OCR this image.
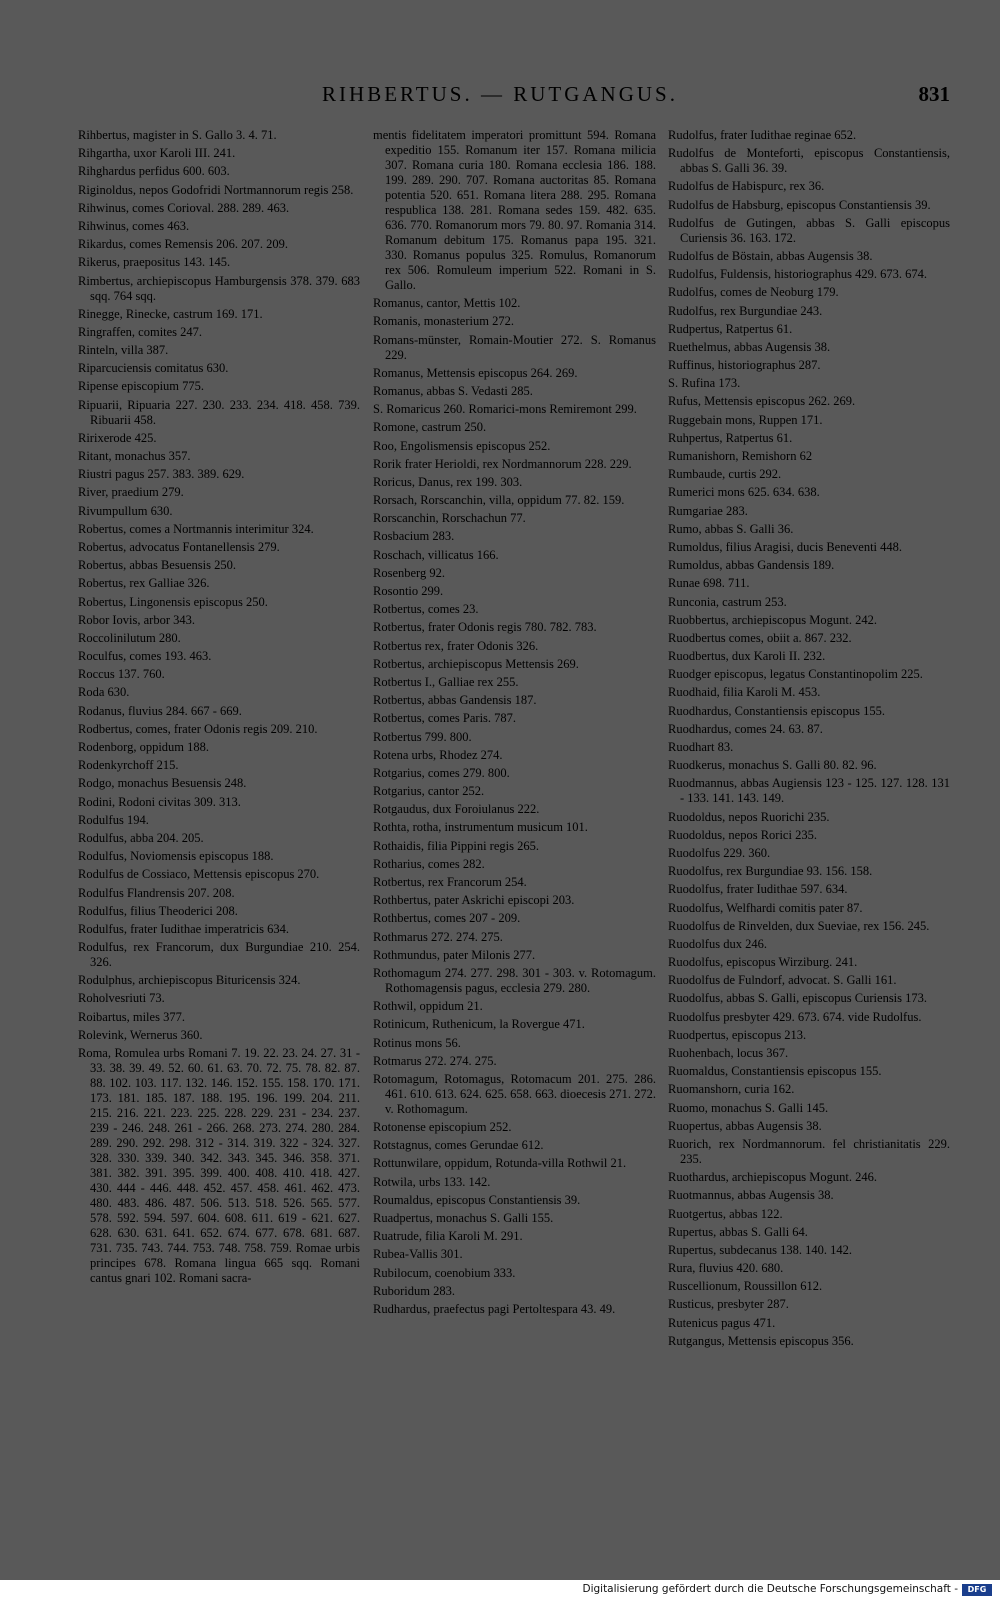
RIHBERTUS. — RUTGANGUS.	831

Rihbertus, magister in S. Gallo 3. 4. 71.

Rihgartha, uxor Karoli III. 241.

Rihghardus perfidus 600. 603.

Riginoldus, nepos Godofridi Nortmannorum regis 258.

Rihwinus, comes Corioval. 288. 289. 463.

Rihwinus, comes 463.

Rikardus, comes Remensis 206. 207. 209.

Rikerus, praepositus 143. 145.

Rimbertus, archiepiscopus Hamburgensis 378. 379. 683 sqq. 764 sqq.

Rinegge, Rinecke, castrum 169. 171.

Ringraffen, comites 247.

Rinteln, villa 387.

Riparcuciensis comitatus 630.

Ripense episcopium 775.

Ripuarii, Ripuaria 227. 230. 233. 234. 418. 458. 739. Ribuarii 458.

Ririxerode 425.

Ritant, monachus 357.

Riustri pagus 257. 383. 389. 629.

River, praedium 279.

Rivumpullum 630.

Robertus, comes a Nortmannis interimitur 324.

Robertus, advocatus Fontanellensis 279.

Robertus, abbas Besuensis 250.

Robertus, rex Galliae 326.

Robertus, Lingonensis episcopus 250.

Robor Iovis, arbor 343.

Roccolinilutum 280.

Roculfus, comes 193. 463.

Roccus 137. 760.

Roda 630.

Rodanus, fluvius 284. 667 - 669.

Rodbertus, comes, frater Odonis regis 209. 210.

Rodenborg, oppidum 188.

Rodenkyrchoff 215.

Rodgo, monachus Besuensis 248.

Rodini, Rodoni civitas 309. 313.

Rodulfus 194.

Rodulfus, abba 204. 205.

Rodulfus, Noviomensis episcopus 188.

Rodulfus de Cossiaco, Mettensis episcopus 270.

Rodulfus Flandrensis 207. 208.

Rodulfus, filius Theoderici 208.

Rodulfus, frater Iudithae imperatricis 634.

Rodulfus, rex Francorum, dux Burgundiae 210. 254. 326.

Rodulphus, archiepiscopus Bituricensis 324.

Roholvesriuti 73.

Roibartus, miles 377.

Rolevink, Wernerus 360.

Roma, Romulea urbs Romani 7. 19. 22. 23. 24. 27. 31 - 33. 38. 39. 49. 52. 60. 61. 63. 70. 72. 75. 78. 82. 87. 88. 102. 103. 117. 132. 146. 152. 155. 158. 170. 171. 173. 181. 185. 187. 188. 195. 196. 199. 204. 211. 215. 216. 221. 223. 225. 228. 229. 231 - 234. 237. 239 - 246. 248. 261 - 266. 268. 273. 274. 280. 284. 289. 290. 292. 298. 312 - 314. 319. 322 - 324. 327. 328. 330. 339. 340. 342. 343. 345. 346. 358. 371. 381. 382. 391. 395. 399. 400. 408. 410. 418. 427. 430. 444 - 446. 448. 452. 457. 458. 461. 462. 473. 480. 483. 486. 487. 506. 513. 518. 526. 565. 577. 578. 592. 594. 597. 604. 608. 611. 619 - 621. 627. 628. 630. 631. 641. 652. 674. 677. 678. 681. 687. 731. 735. 743. 744. 753. 748. 758. 759. Romae urbis principes 678. Romana lingua 665 sqq. Romani cantus gnari 102. Romani sacra-

mentis fidelitatem imperatori promittunt 594. Romana expeditio 155. Romanum iter 157. Romana milicia 307. Romana curia 180. Romana ecclesia 186. 188. 199. 289. 290. 707. Romana auctoritas 85. Romana potentia 520. 651. Romana litera 288. 295. Romana respublica 138. 281. Romana sedes 159. 482. 635. 636. 770. Romanorum mors 79. 80. 97. Romania 314. Romanum debitum 175. Romanus papa 195. 321. 330. Romanus populus 325. Romulus, Romanorum rex 506. Romuleum imperium 522. Romani in S. Gallo.

Romanus, cantor, Mettis 102.

Romanis, monasterium 272.

Romans-münster, Romain-Moutier 272. S. Romanus 229.

Romanus, Mettensis episcopus 264. 269.

Romanus, abbas S. Vedasti 285.

S. Romaricus 260. Romarici-mons Remiremont 299.

Romone, castrum 250.

Roo, Engolismensis episcopus 252.

Rorik frater Herioldi, rex Nordmannorum 228. 229.

Roricus, Danus, rex 199. 303.

Rorsach, Rorscanchin, villa, oppidum 77. 82. 159.

Rorscanchin, Rorschachun 77.

Rosbacium 283.

Roschach, villicatus 166.

Rosenberg 92.

Rosontio 299.

Rotbertus, comes 23.

Rotbertus, frater Odonis regis 780. 782. 783.

Rotbertus rex, frater Odonis 326.

Rotbertus, archiepiscopus Mettensis 269.

Rotbertus I., Galliae rex 255.

Rotbertus, abbas Gandensis 187.

Rotbertus, comes Paris. 787.

Rotbertus 799. 800.

Rotena urbs, Rhodez 274.

Rotgarius, comes 279. 800.

Rotgarius, cantor 252.

Rotgaudus, dux Foroiulanus 222.

Rothta, rotha, instrumentum musicum 101.

Rothaidis, filia Pippini regis 265.

Rotharius, comes 282.

Rotbertus, rex Francorum 254.

Rothbertus, pater Askrichi episcopi 203.

Rothbertus, comes 207 - 209.

Rothmarus 272. 274. 275.

Rothmundus, pater Milonis 277.

Rothomagum 274. 277. 298. 301 - 303. v. Rotomagum. Rothomagensis pagus, ecclesia 279. 280.

Rothwil, oppidum 21.

Rotinicum, Ruthenicum, la Rovergue 471.

Rotinus mons 56.

Rotmarus 272. 274. 275.

Rotomagum, Rotomagus, Rotomacum 201. 275. 286. 461. 610. 613. 624. 625. 658. 663. dioecesis 271. 272. v. Rothomagum.

Rotonense episcopium 252.

Rotstagnus, comes Gerundae 612.

Rottunwilare, oppidum, Rotunda-villa Rothwil 21.

Rotwila, urbs 133. 142.

Roumaldus, episcopus Constantiensis 39.

Ruadpertus, monachus S. Galli 155.

Ruatrude, filia Karoli M. 291.

Rubea-Vallis 301.

Rubilocum, coenobium 333.

Ruboridum 283.

Rudhardus, praefectus pagi Pertoltespara 43. 49.

Rudolfus, frater Iudithae reginae 652.

Rudolfus de Monteforti, episcopus Constantiensis, abbas S. Galli 36. 39.

Rudolfus de Habispurc, rex 36.

Rudolfus de Habsburg, episcopus Constantiensis 39.

Rudolfus de Gutingen, abbas S. Galli episcopus Curiensis 36. 163. 172.

Rudolfus de Böstain, abbas Augensis 38.

Rudolfus, Fuldensis, historiographus 429. 673. 674.

Rudolfus, comes de Neoburg 179.

Rudolfus, rex Burgundiae 243.

Rudpertus, Ratpertus 61.

Ruethelmus, abbas Augensis 38.

Ruffinus, historiographus 287.

S. Rufina 173.

Rufus, Mettensis episcopus 262. 269.

Ruggebain mons, Ruppen 171.

Ruhpertus, Ratpertus 61.

Rumanishorn, Remishorn 62

Rumbaude, curtis 292.

Rumerici mons 625. 634. 638.

Rumgariae 283.

Rumo, abbas S. Galli 36.

Rumoldus, filius Aragisi, ducis Beneventi 448.

Rumoldus, abbas Gandensis 189.

Runae 698. 711.

Runconia, castrum 253.

Ruobbertus, archiepiscopus Mogunt. 242.

Ruodbertus comes, obiit a. 867. 232.

Ruodbertus, dux Karoli II. 232.

Ruodger episcopus, legatus Constantinopolim 225.

Ruodhaid, filia Karoli M. 453.

Ruodhardus, Constantiensis episcopus 155.

Ruodhardus, comes 24. 63. 87.

Ruodhart 83.

Ruodkerus, monachus S. Galli 80. 82. 96.

Ruodmannus, abbas Augiensis 123 - 125. 127. 128. 131 - 133. 141. 143. 149.

Ruodoldus, nepos Ruorichi 235.

Ruodoldus, nepos Rorici 235.

Ruodolfus 229. 360.

Ruodolfus, rex Burgundiae 93. 156. 158.

Ruodolfus, frater Iudithae 597. 634.

Ruodolfus, Welfhardi comitis pater 87.

Ruodolfus de Rinvelden, dux Sueviae, rex 156. 245.

Ruodolfus dux 246.

Ruodolfus, episcopus Wirziburg. 241.

Ruodolfus de Fulndorf, advocat. S. Galli 161.

Ruodolfus, abbas S. Galli, episcopus Curiensis 173.

Ruodolfus presbyter 429. 673. 674. vide Rudolfus.

Ruodpertus, episcopus 213.

Ruohenbach, locus 367.

Ruomaldus, Constantiensis episcopus 155.

Ruomanshorn, curia 162.

Ruomo, monachus S. Galli 145.

Ruopertus, abbas Augensis 38.

Ruorich, rex Nordmannorum. fel christianitatis 229. 235.

Ruothardus, archiepiscopus Mogunt. 246.

Ruotmannus, abbas Augensis 38.

Ruotgertus, abbas 122.

Rupertus, abbas S. Galli 64.

Rupertus, subdecanus 138. 140. 142.

Rura, fluvius 420. 680.

Ruscellionum, Roussillon 612.

Rusticus, presbyter 287.

Rutenicus pagus 471.

Rutgangus, Mettensis episcopus 356.

Digitalisierung gefördert durch die Deutsche Forschungsgemeinschaft -	DFG
